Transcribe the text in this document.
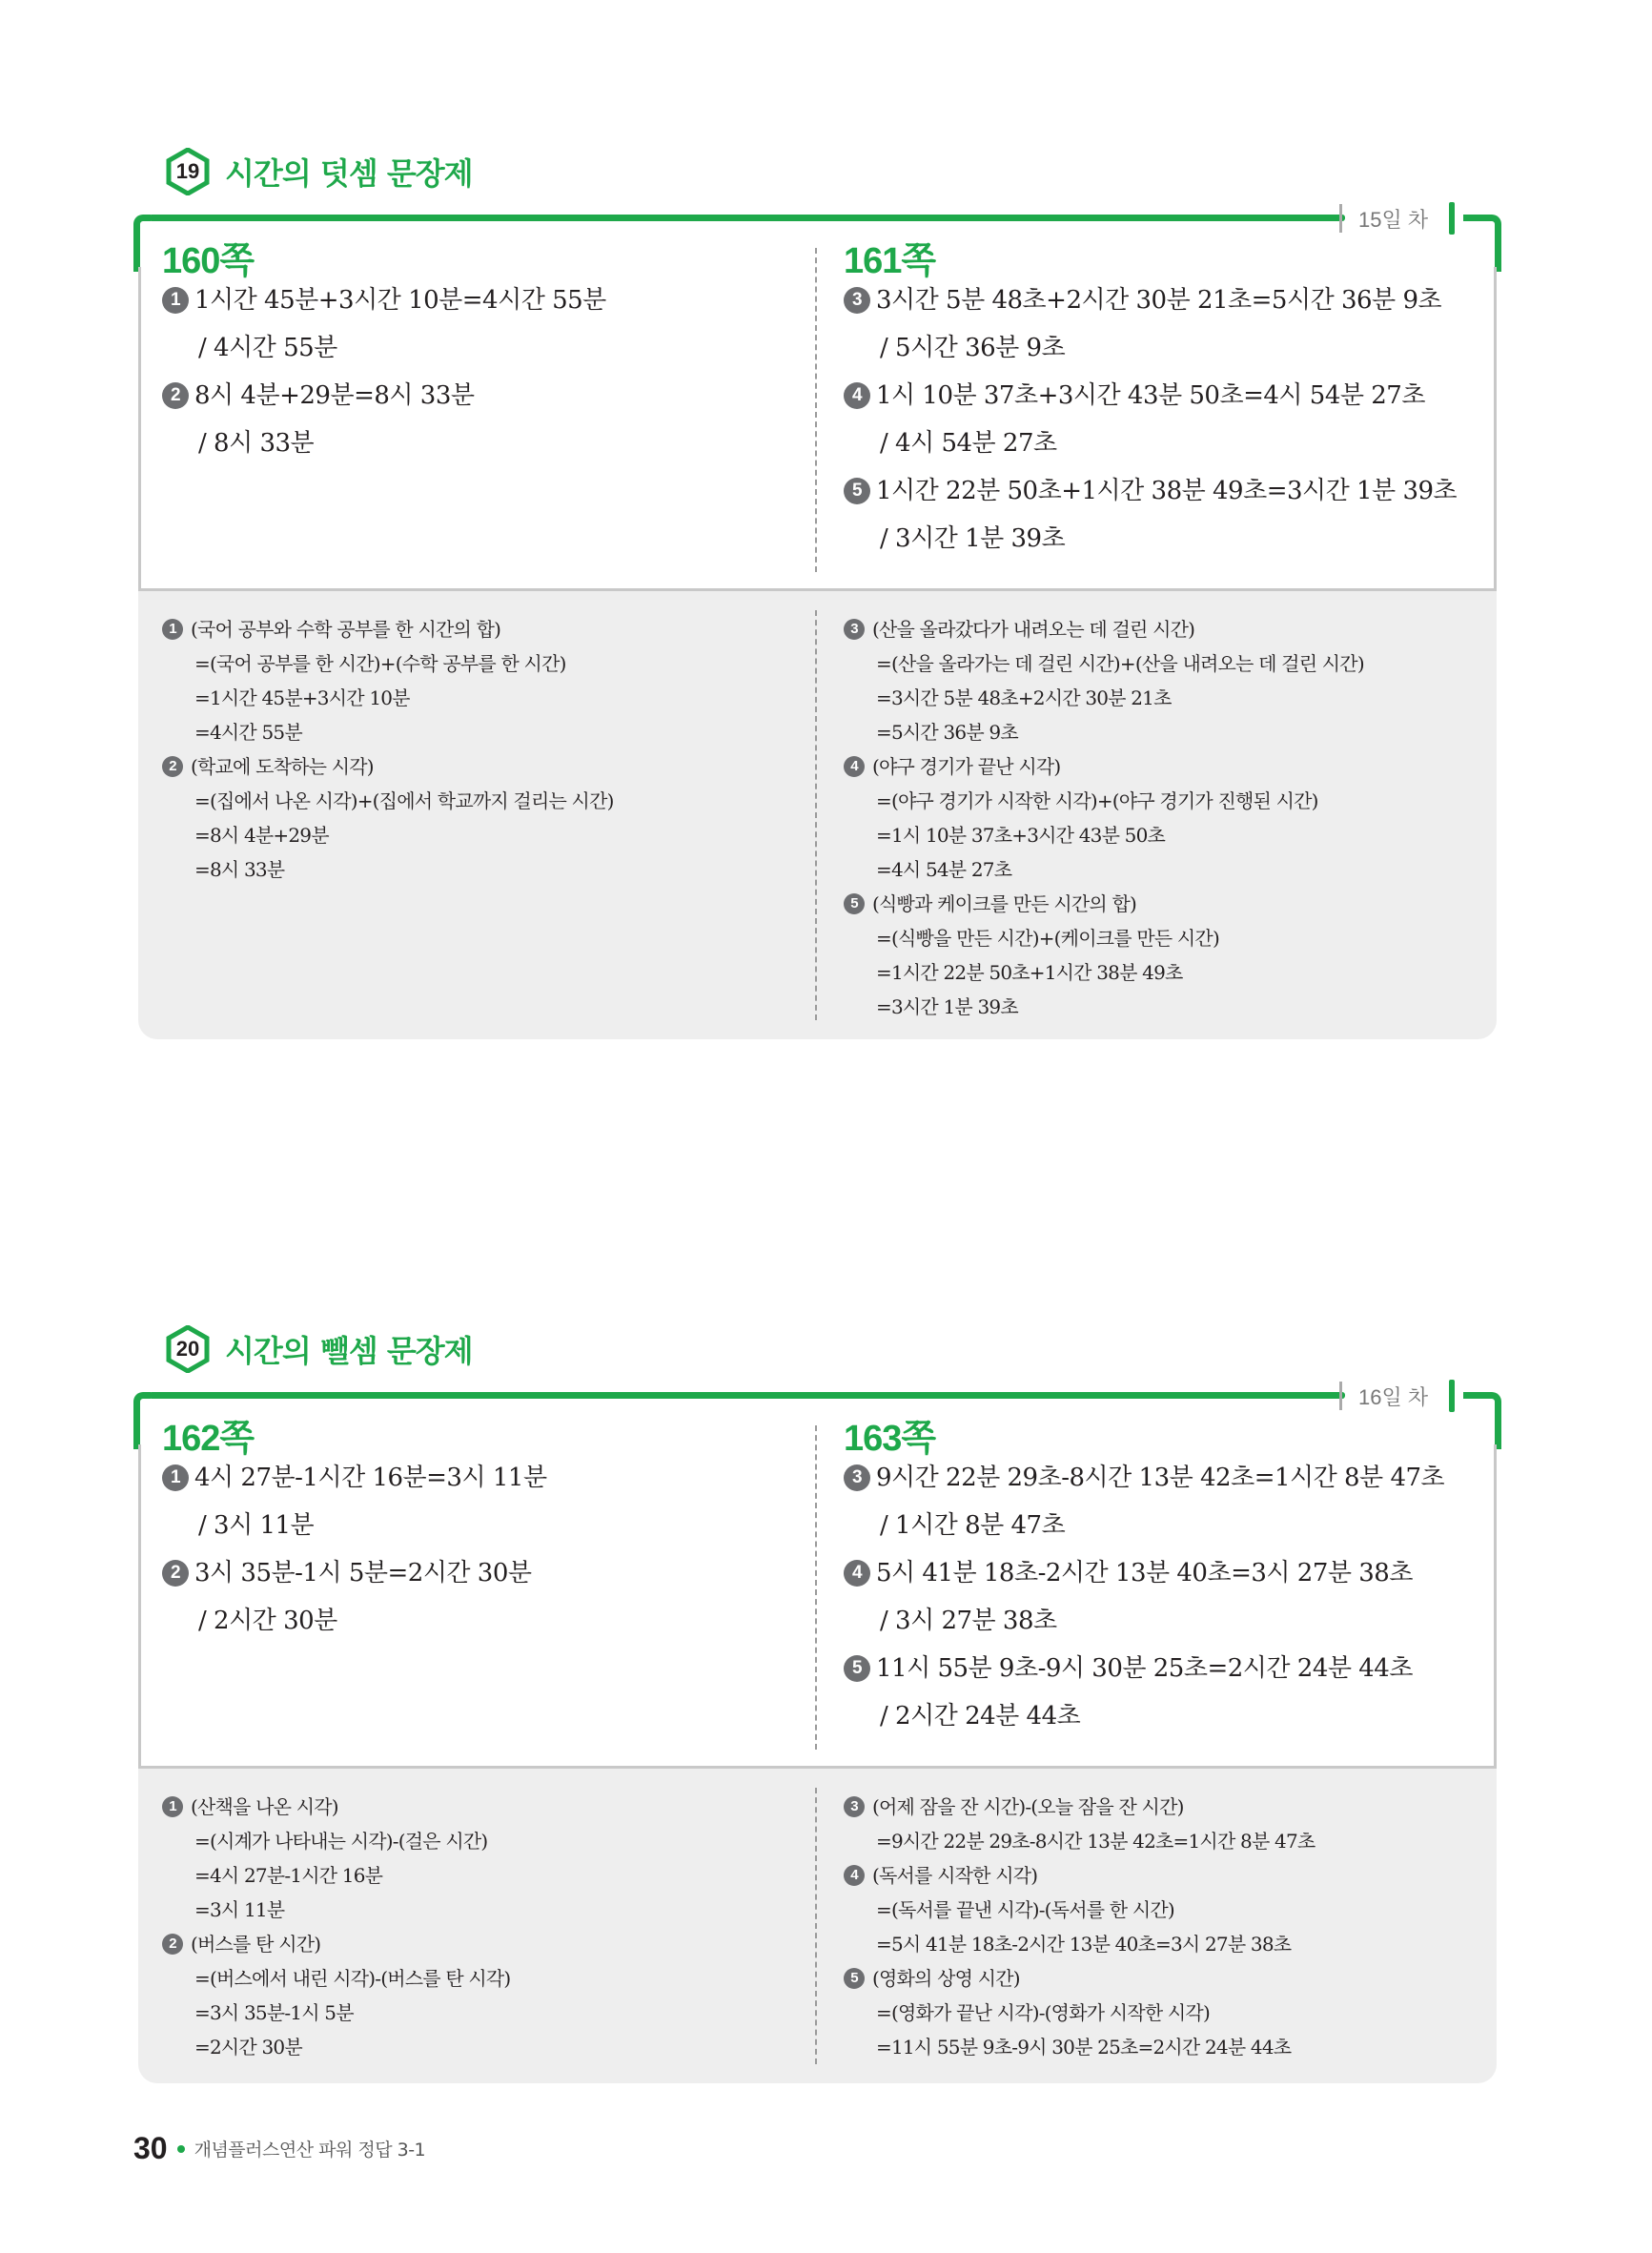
19 시간의 덧셈 문장제
15일 차
160쪽
1 1시간 45분+3시간 10분=4시간 55분
/ 4시간 55분
2 8시 4분+29분=8시 33분
/ 8시 33분
1 (국어 공부와 수학 공부를 한 시간의 합)
=(국어 공부를 한 시간)+(수학 공부를 한 시간)
=1시간 45분+3시간 10분
=4시간 55분
2 (학교에 도착하는 시각)
=(집에서 나온 시각)+(집에서 학교까지 걸리는 시간)
=8시 4분+29분
=8시 33분
161쪽
3 3시간 5분 48초+2시간 30분 21초=5시간 36분 9초
/ 5시간 36분 9초
4 1시 10분 37초+3시간 43분 50초=4시 54분 27초
/ 4시 54분 27초
5 1시간 22분 50초+1시간 38분 49초=3시간 1분 39초
/ 3시간 1분 39초
3 (산을 올라갔다가 내려오는 데 걸린 시간)
=(산을 올라가는 데 걸린 시간)+(산을 내려오는 데 걸린 시간)
=3시간 5분 48초+2시간 30분 21초
=5시간 36분 9초
4 (야구 경기가 끝난 시각)
=(야구 경기가 시작한 시각)+(야구 경기가 진행된 시간)
=1시 10분 37초+3시간 43분 50초
=4시 54분 27초
5 (식빵과 케이크를 만든 시간의 합)
=(식빵을 만든 시간)+(케이크를 만든 시간)
=1시간 22분 50초+1시간 38분 49초
=3시간 1분 39초
20 시간의 뺄셈 문장제
16일 차
162쪽
1 4시 27분-1시간 16분=3시 11분
/ 3시 11분
2 3시 35분-1시 5분=2시간 30분
/ 2시간 30분
1 (산책을 나온 시각)
=(시계가 나타내는 시각)-(걸은 시간)
=4시 27분-1시간 16분
=3시 11분
2 (버스를 탄 시간)
=(버스에서 내린 시각)-(버스를 탄 시각)
=3시 35분-1시 5분
=2시간 30분
163쪽
3 9시간 22분 29초-8시간 13분 42초=1시간 8분 47초
/ 1시간 8분 47초
4 5시 41분 18초-2시간 13분 40초=3시 27분 38초
/ 3시 27분 38초
5 11시 55분 9초-9시 30분 25초=2시간 24분 44초
/ 2시간 24분 44초
3 (어제 잠을 잔 시간)-(오늘 잠을 잔 시간)
=9시간 22분 29초-8시간 13분 42초=1시간 8분 47초
4 (독서를 시작한 시각)
=(독서를 끝낸 시각)-(독서를 한 시간)
=5시 41분 18초-2시간 13분 40초=3시 27분 38초
5 (영화의 상영 시간)
=(영화가 끝난 시각)-(영화가 시작한 시각)
=11시 55분 9초-9시 30분 25초=2시간 24분 44초
30 개념플러스연산 파워 정답 3-1
